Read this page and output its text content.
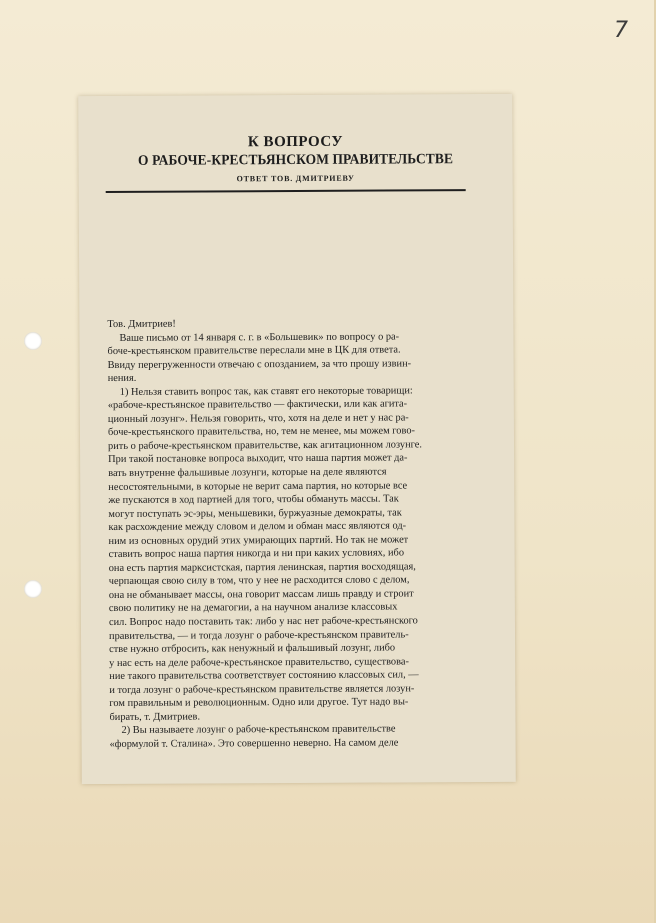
7
К ВОПРОСУ
О РАБОЧЕ-КРЕСТЬЯНСКОМ ПРАВИТЕЛЬСТВЕ
ОТВЕТ ТОВ. ДМИТРИЕВУ
Тов. Дмитриев!
Ваше письмо от 14 января с. г. в «Большевик» по вопросу о ра-
боче-крестьянском правительстве переслали мне в ЦК для ответа.
Ввиду перегруженности отвечаю с опозданием, за что прошу извин-
нения.
1) Нельзя ставить вопрос так, как ставят его некоторые товарищи:
«рабоче-крестьянское правительство — фактически, или как агита-
ционный лозунг». Нельзя говорить, что, хотя на деле и нет у нас ра-
боче-крестьянского правительства, но, тем не менее, мы можем гово-
рить о рабоче-крестьянском правительстве, как агитационном лозунге.
При такой постановке вопроса выходит, что наша партия может да-
вать внутренне фальшивые лозунги, которые на деле являются
несостоятельными, в которые не верит сама партия, но которые все
же пускаются в ход партией для того, чтобы обмануть массы. Так
могут поступать эс-эры, меньшевики, буржуазные демократы, так
как расхождение между словом и делом и обман масс являются од-
ним из основных орудий этих умирающих партий. Но так не может
ставить вопрос наша партия никогда и ни при каких условиях, ибо
она есть партия марксистская, партия ленинская, партия восходящая,
черпающая свою силу в том, что у нее не расходится слово с делом,
она не обманывает массы, она говорит массам лишь правду и строит
свою политику не на демагогии, а на научном анализе классовых
сил. Вопрос надо поставить так: либо у нас нет рабоче-крестьянского
правительства, — и тогда лозунг о рабоче-крестьянском правитель-
стве нужно отбросить, как ненужный и фальшивый лозунг, либо
у нас есть на деле рабоче-крестьянское правительство, существова-
ние такого правительства соответствует состоянию классовых сил, —
и тогда лозунг о рабоче-крестьянском правительстве является лозун-
гом правильным и революционным. Одно или другое. Тут надо вы-
бирать, т. Дмитриев.
2) Вы называете лозунг о рабоче-крестьянском правительстве
«формулой т. Сталина». Это совершенно неверно. На самом деле
